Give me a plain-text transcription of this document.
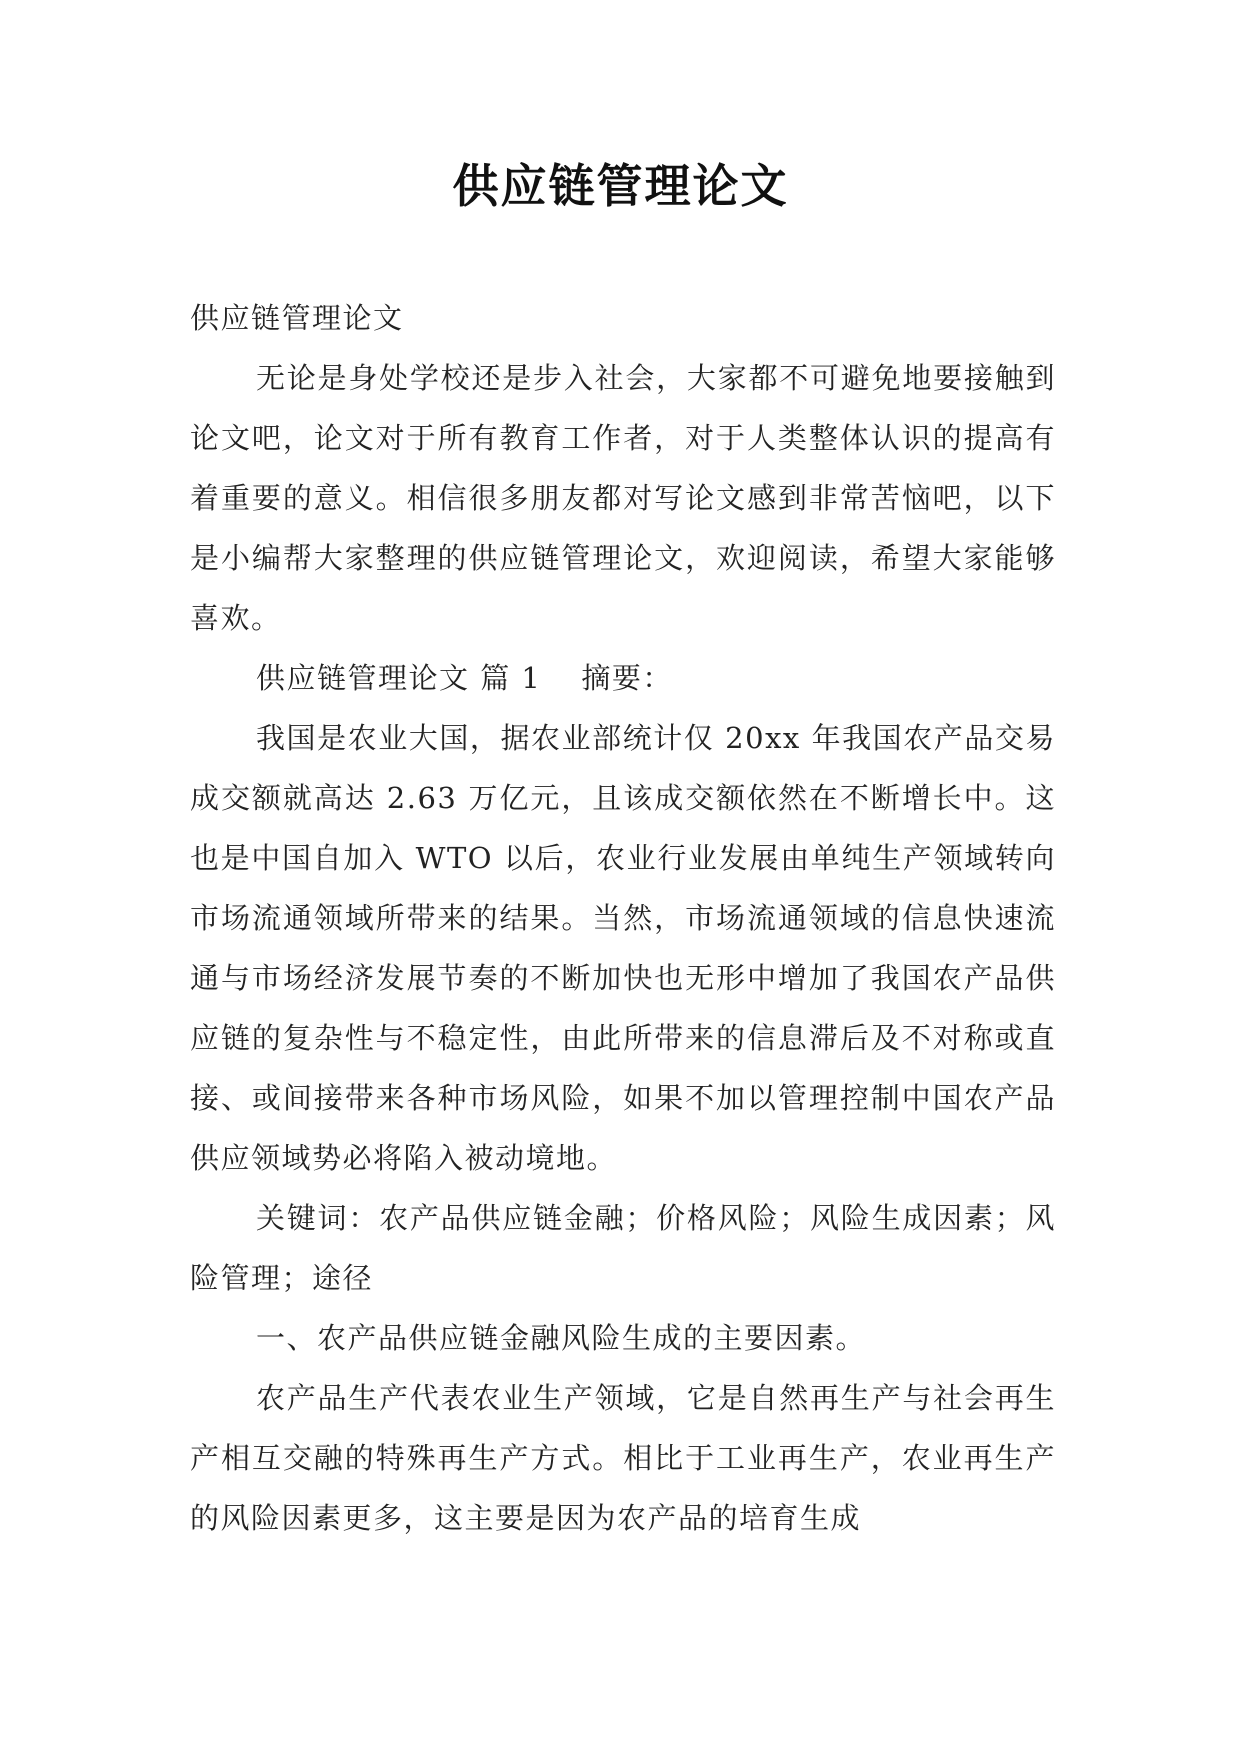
供应链管理论文

供应链管理论文

无论是身处学校还是步入社会，大家都不可避免地要接触到论文吧，论文对于所有教育工作者，对于人类整体认识的提高有着重要的意义。相信很多朋友都对写论文感到非常苦恼吧，以下是小编帮大家整理的供应链管理论文，欢迎阅读，希望大家能够喜欢。

供应链管理论文 篇 1 摘要：

我国是农业大国，据农业部统计仅 20xx 年我国农产品交易成交额就高达 2.63 万亿元，且该成交额依然在不断增长中。这也是中国自加入 WTO 以后，农业行业发展由单纯生产领域转向市场流通领域所带来的结果。当然，市场流通领域的信息快速流通与市场经济发展节奏的不断加快也无形中增加了我国农产品供应链的复杂性与不稳定性，由此所带来的信息滞后及不对称或直接、或间接带来各种市场风险，如果不加以管理控制中国农产品供应领域势必将陷入被动境地。

关键词：农产品供应链金融；价格风险；风险生成因素；风险管理；途径

一、农产品供应链金融风险生成的主要因素。

农产品生产代表农业生产领域，它是自然再生产与社会再生产相互交融的特殊再生产方式。相比于工业再生产，农业再生产的风险因素更多，这主要是因为农产品的培育生成
